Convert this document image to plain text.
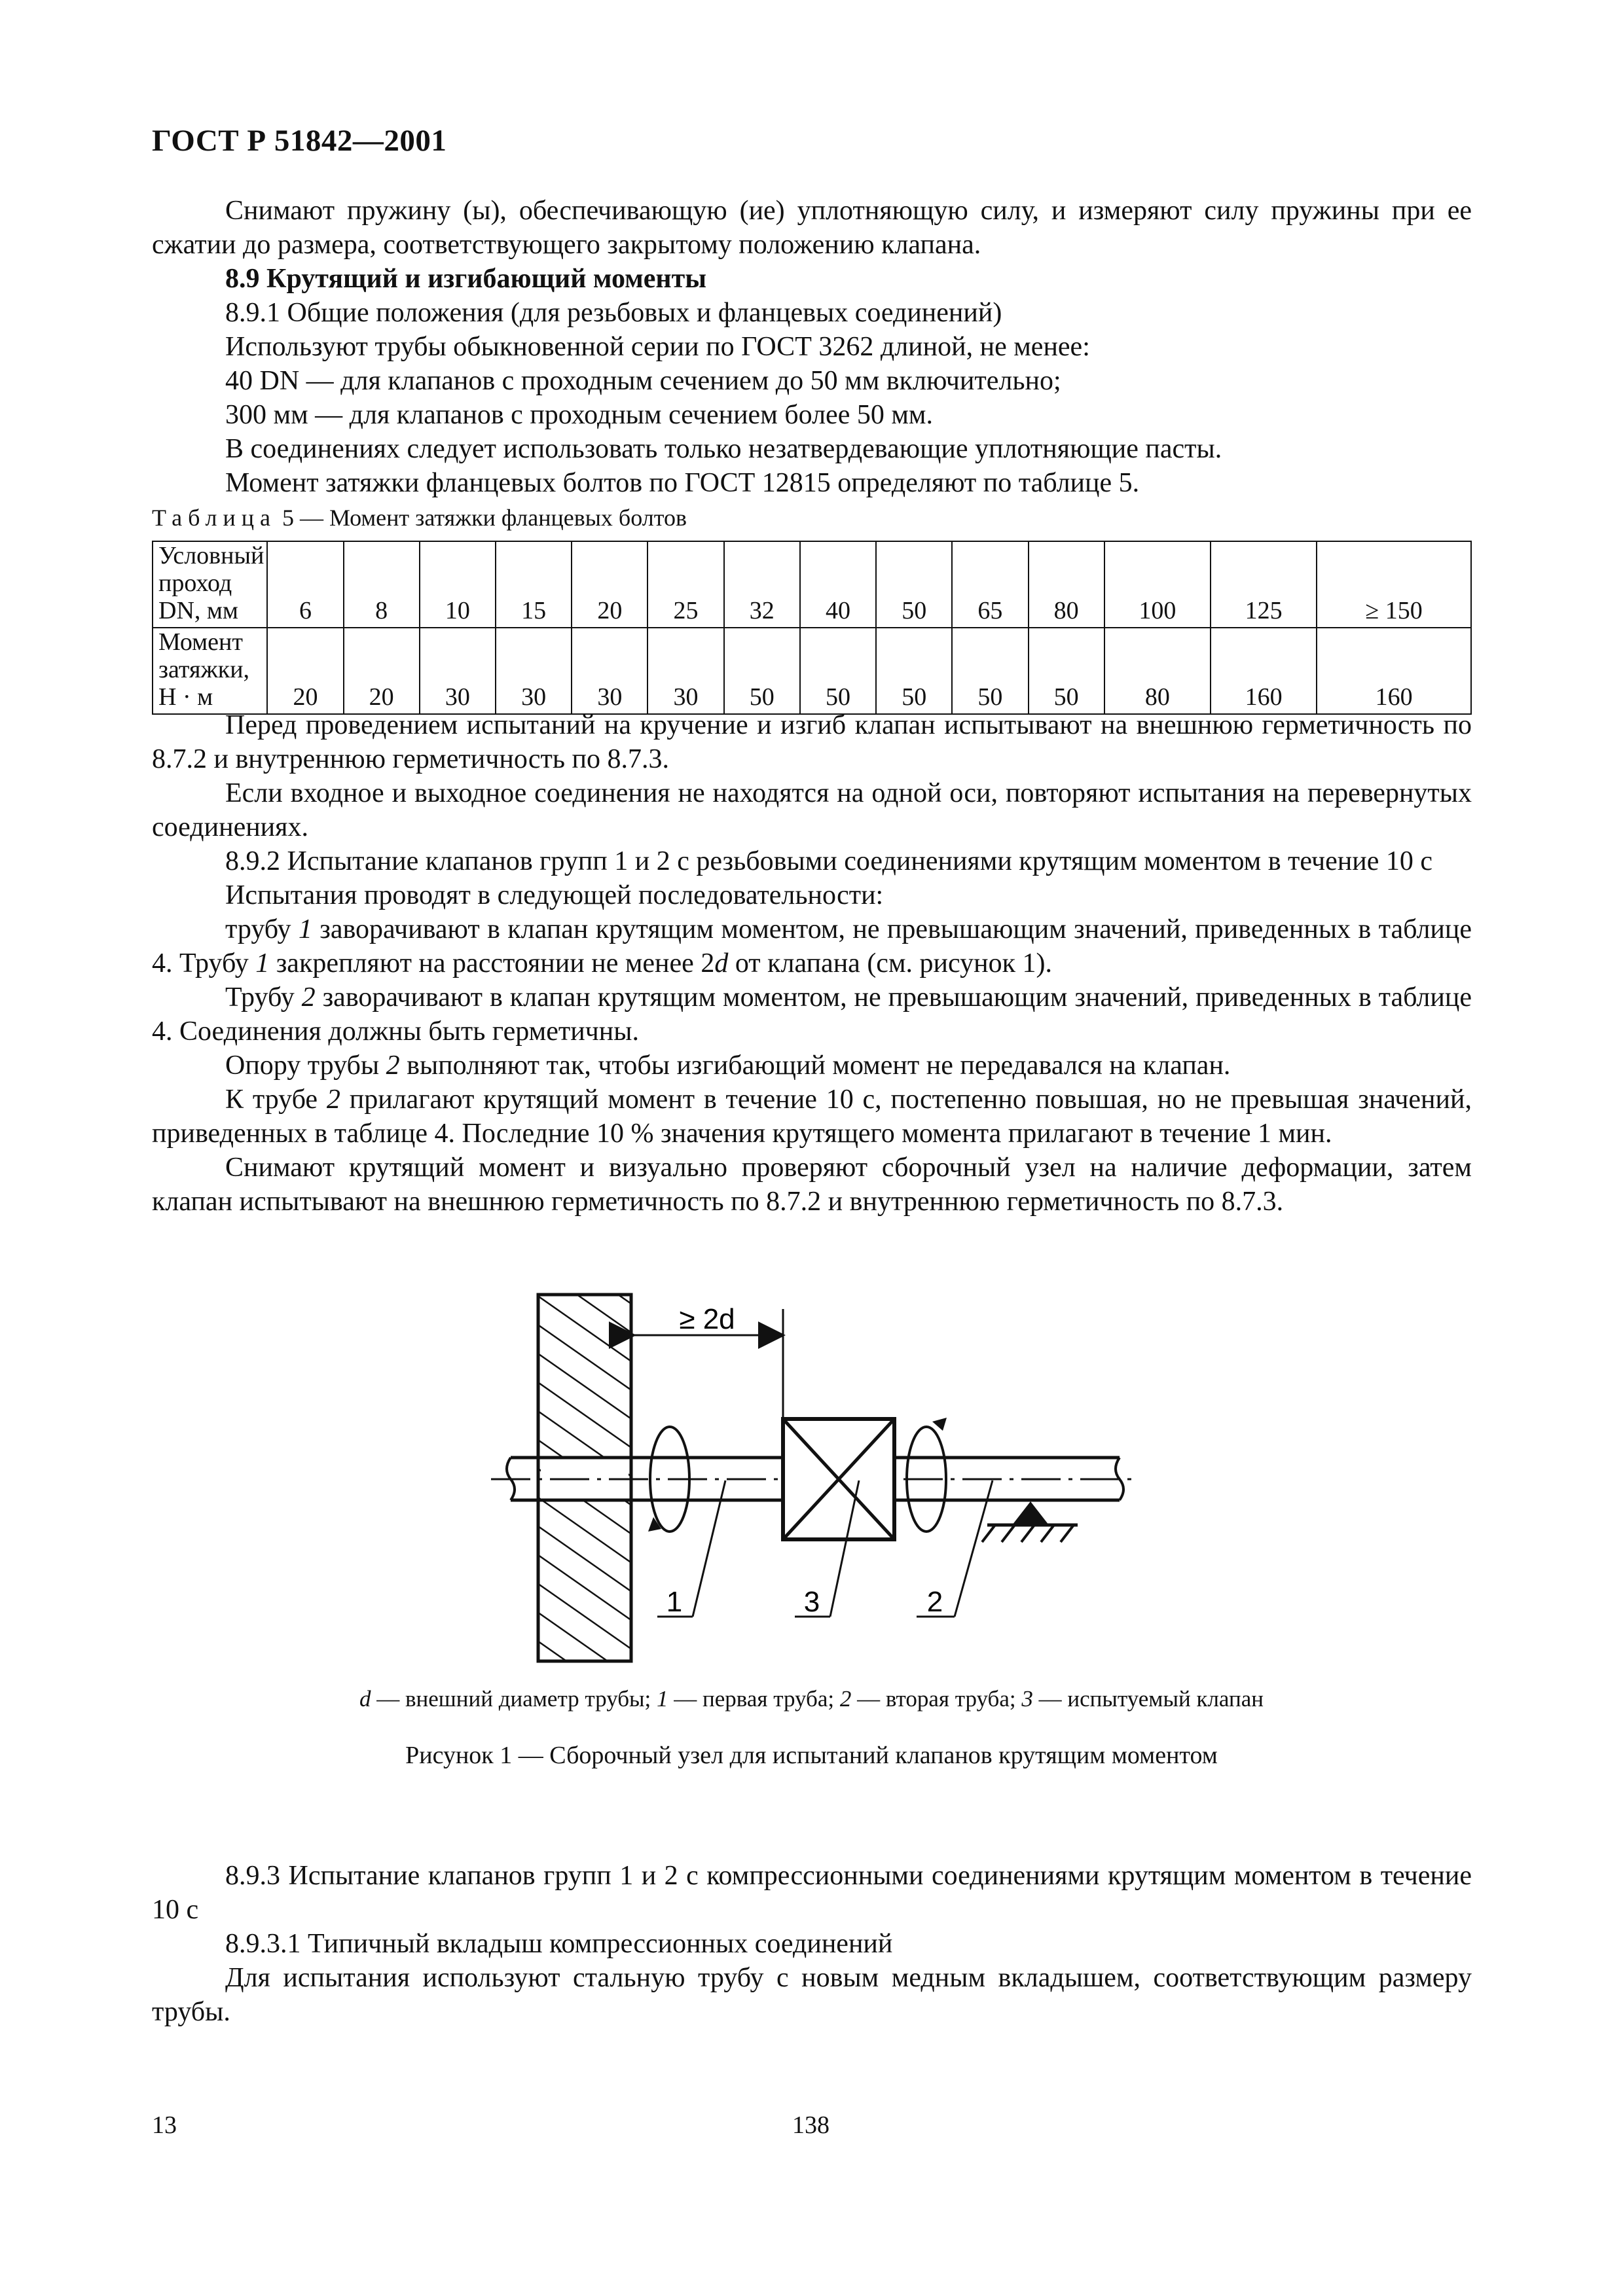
ГОСТ Р 51842—2001

Снимают пружину (ы), обеспечивающую (ие) уплотняющую силу, и измеряют силу пружины при ее сжатии до размера, соответствующего закрытому положению клапана.

8.9 Крутящий и изгибающий моменты

8.9.1 Общие положения (для резьбовых и фланцевых соединений)

Используют трубы обыкновенной серии по ГОСТ 3262 длиной, не менее:

40 DN — для клапанов с проходным сечением до 50 мм включительно;

300 мм — для клапанов с проходным сечением более 50 мм.

В соединениях следует использовать только незатвердевающие уплотняющие пасты.

Момент затяжки фланцевых болтов по ГОСТ 12815 определяют по таблице 5.

Таблица 5 — Момент затяжки фланцевых болтов
Условный
проход DN, мм	6	8	10	15	20	25	32	40	50	65	80	100	125	≥ 150
Момент
затяжки, Н · м	20	20	30	30	30	30	50	50	50	50	50	80	160	160

Перед проведением испытаний на кручение и изгиб клапан испытывают на внешнюю герметичность по 8.7.2 и внутреннюю герметичность по 8.7.3.

Если входное и выходное соединения не находятся на одной оси, повторяют испытания на перевернутых соединениях.

8.9.2 Испытание клапанов групп 1 и 2 с резьбовыми соединениями крутящим моментом в течение 10 с

Испытания проводят в следующей последовательности:

трубу 1 заворачивают в клапан крутящим моментом, не превышающим значений, приведенных в таблице 4. Трубу 1 закрепляют на расстоянии не менее 2d от клапана (см. рисунок 1).

Трубу 2 заворачивают в клапан крутящим моментом, не превышающим значений, приведенных в таблице 4. Соединения должны быть герметичны.

Опору трубы 2 выполняют так, чтобы изгибающий момент не передавался на клапан.

К трубе 2 прилагают крутящий момент в течение 10 с, постепенно повышая, но не превышая значений, приведенных в таблице 4. Последние 10 % значения крутящего момента прилагают в течение 1 мин.

Снимают крутящий момент и визуально проверяют сборочный узел на наличие деформации, затем клапан испытывают на внешнюю герметичность по 8.7.2 и внутреннюю герметичность по 8.7.3.

≥ 2d
1	3	2
d — внешний диаметр трубы; 1 — первая труба; 2 — вторая труба; 3 — испытуемый клапан
Рисунок 1 — Сборочный узел для испытаний клапанов крутящим моментом

8.9.3 Испытание клапанов групп 1 и 2 с компрессионными соединениями крутящим моментом в течение 10 с

8.9.3.1 Типичный вкладыш компрессионных соединений

Для испытания используют стальную трубу с новым медным вкладышем, соответствующим размеру трубы.

13	138
